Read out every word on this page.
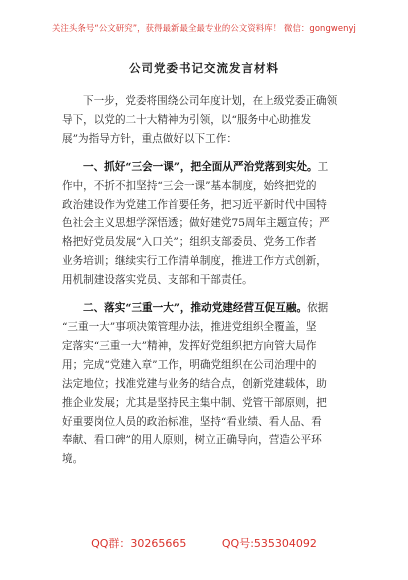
关注头条号“公文研究”，获得最新最全最专业的公文资料库！ 微信：gongwenyj
公司党委书记交流发言材料

下一步，党委将围绕公司年度计划，在上级党委正确领
导下，以党的二十大精神为引领，以“服务中心助推发
展”为指导方针，重点做好以下工作：

一、抓好“三会一课”，把全面从严治党落到实处。工
作中，不折不扣坚持“三会一课”基本制度，始终把党的
政治建设作为党建工作首要任务，把习近平新时代中国特
色社会主义思想学深悟透；做好建党75周年主题宣传；严
格把好党员发展“入口关”；组织支部委员、党务工作者
业务培训；继续实行工作清单制度，推进工作方式创新，
用机制建设落实党员、支部和干部责任。

二、落实“三重一大”，推动党建经营互促互融。依据
“三重一大”事项决策管理办法，推进党组织全覆盖，坚
定落实“三重一大”精神，发挥好党组织把方向管大局作
用；完成“党建入章”工作，明确党组织在公司治理中的
法定地位；找准党建与业务的结合点，创新党建载体，助
推企业发展；尤其是坚持民主集中制、党管干部原则，把
好重要岗位人员的政治标准，坚持“看业绩、看人品、看
奉献、看口碑”的用人原则，树立正确导向，营造公平环
境。

QQ群：30265665	QQ号:535304092
